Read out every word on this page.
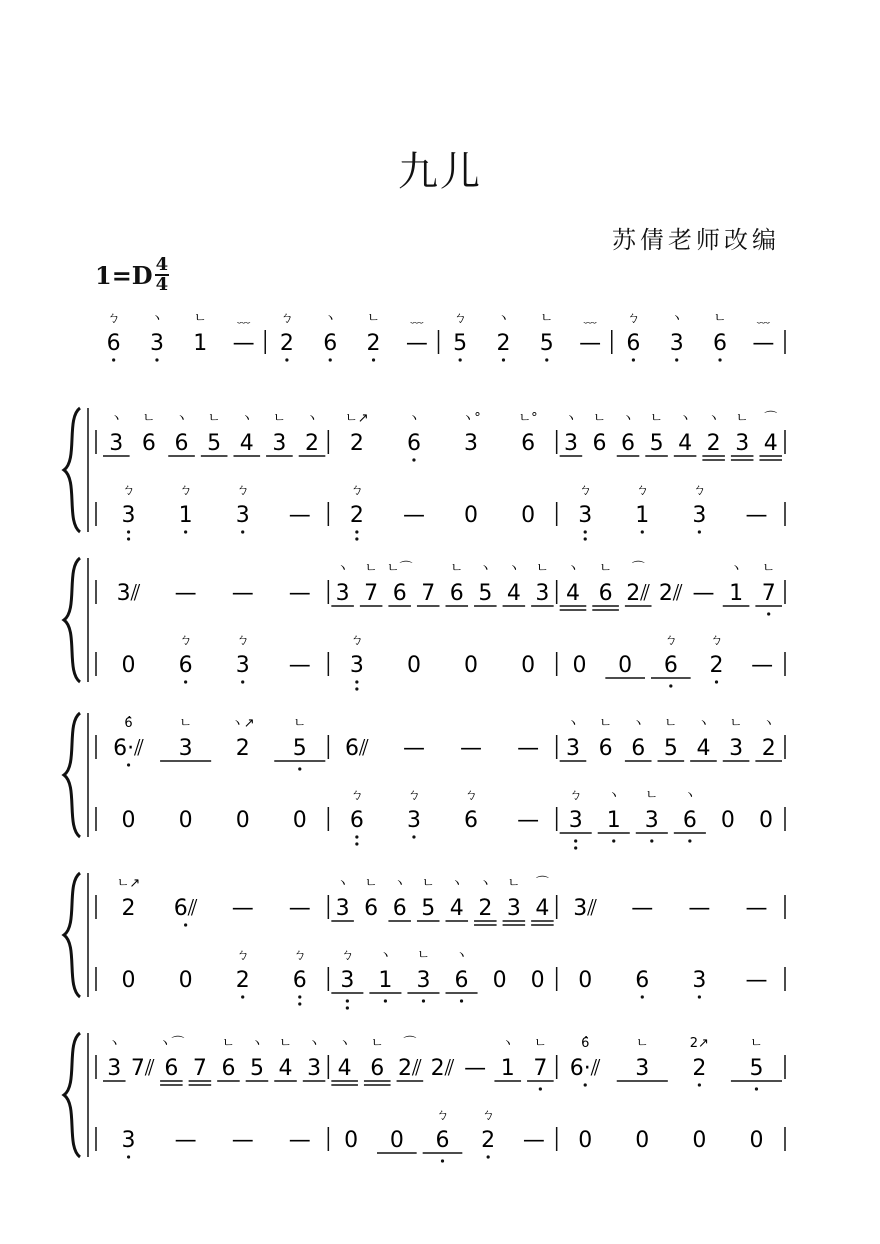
九儿
苏倩老师改编
$1=D \frac{4}{4}$
6
ㄅ
3
ヽ
1
ㄴ
—
﹏
2
ㄅ
6
ヽ
2
ㄴ
—
﹏
5
ㄅ
2
ヽ
5
ㄴ
—
﹏
6
ㄅ
3
ヽ
6
ㄴ
—
﹏
3
ヽ
6
ㄴ
6
ヽ
5
ㄴ
4
ヽ
3
ㄴ
2
ヽ
2
ㄴ↗
6
ヽ
3
ヽ°
6
ㄴ°
3
ヽ
6
ㄴ
6
ヽ
5
ㄴ
4
ヽ
2
ヽ
3
ㄴ
4
⌒
3
ㄅ
1
ㄅ
3
ㄅ
— 2
ㄅ
— 0 0 3
ㄅ
1
ㄅ
3
ㄅ
—
3⫽ — — — 3
ヽ
7
ㄴ
6
ㄴ⌒
7 6
ㄴ
5
ヽ
4
ヽ
3
ㄴ
4
ヽ
6
ㄴ
2⫽
⌒
2⫽ — 1
ヽ
7
ㄴ
0 6
ㄅ
3
ㄅ
— 3
ㄅ
0 0 0 0 0 6
ㄅ
2
ㄅ
—
6·⫽
6̂
3
ㄴ
2
ヽ↗
5
ㄴ
6⫽ — — — 3
ヽ
6
ㄴ
6
ヽ
5
ㄴ
4
ヽ
3
ㄴ
2
ヽ
0 0 0 0 6
ㄅ
3
ㄅ
6
ㄅ
— 3
ㄅ
1
ヽ
3
ㄴ
6
ヽ
0 0
2
ㄴ↗
6⫽ — — 3
ヽ
6
ㄴ
6
ヽ
5
ㄴ
4
ヽ
2
ヽ
3
ㄴ
4
⌒
3⫽ — — —
0 0 2
ㄅ
6
ㄅ
3
ㄅ
1
ヽ
3
ㄴ
6
ヽ
0 0 0 6 3 —
3
ヽ
7⫽ 6
ヽ⌒
7 6
ㄴ
5
ヽ
4
ㄴ
3
ヽ
4
ヽ
6
ㄴ
2⫽
⌒
2⫽ — 1
ヽ
7
ㄴ
6·⫽
6̂
3
ㄴ
2
2↗
5
ㄴ
3 — — — 0 0 6
ㄅ
2
ㄅ
— 0 0 0 0
